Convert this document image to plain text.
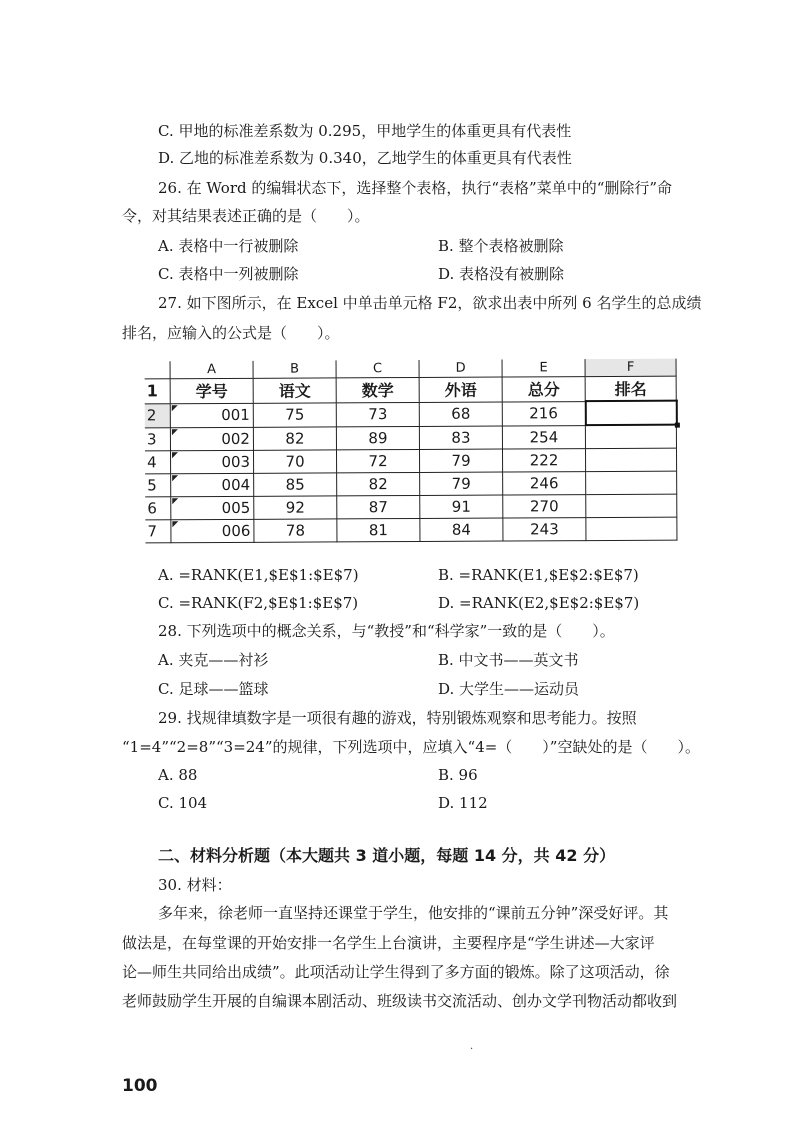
C. 甲地的标准差系数为 0.295，甲地学生的体重更具有代表性
D. 乙地的标准差系数为 0.340，乙地学生的体重更具有代表性
26. 在 Word 的编辑状态下，选择整个表格，执行“表格”菜单中的“删除行”命
令，对其结果表述正确的是（　　）。
A. 表格中一行被删除	B. 整个表格被删除
C. 表格中一列被删除	D. 表格没有被删除
27. 如下图所示，在 Excel 中单击单元格 F2，欲求出表中所列 6 名学生的总成绩
排名，应输入的公式是（　　）。
	A	B	C	D	E	F
1	学号	语文	数学	外语	总分	排名
2	001	75	73	68	216	
3	002	82	89	83	254	
4	003	70	72	79	222	
5	004	85	82	79	246	
6	005	92	87	91	270	
7	006	78	81	84	243	
A. =RANK(E1,$E$1:$E$7)	B. =RANK(E1,$E$2:$E$7)
C. =RANK(F2,$E$1:$E$7)	D. =RANK(E2,$E$2:$E$7)
28. 下列选项中的概念关系，与“教授”和“科学家”一致的是（　　）。
A. 夹克——衬衫	B. 中文书——英文书
C. 足球——篮球	D. 大学生——运动员
29. 找规律填数字是一项很有趣的游戏，特别锻炼观察和思考能力。按照
“1=4”“2=8”“3=24”的规律，下列选项中，应填入“4=（　　）”空缺处的是（　　）。
A. 88	B. 96
C. 104	D. 112
二、材料分析题（本大题共 3 道小题，每题 14 分，共 42 分）
30. 材料：
多年来，徐老师一直坚持还课堂于学生，他安排的“课前五分钟”深受好评。其
做法是，在每堂课的开始安排一名学生上台演讲，主要程序是“学生讲述—大家评
论—师生共同给出成绩”。此项活动让学生得到了多方面的锻炼。除了这项活动，徐
老师鼓励学生开展的自编课本剧活动、班级读书交流活动、创办文学刊物活动都收到
·
100
